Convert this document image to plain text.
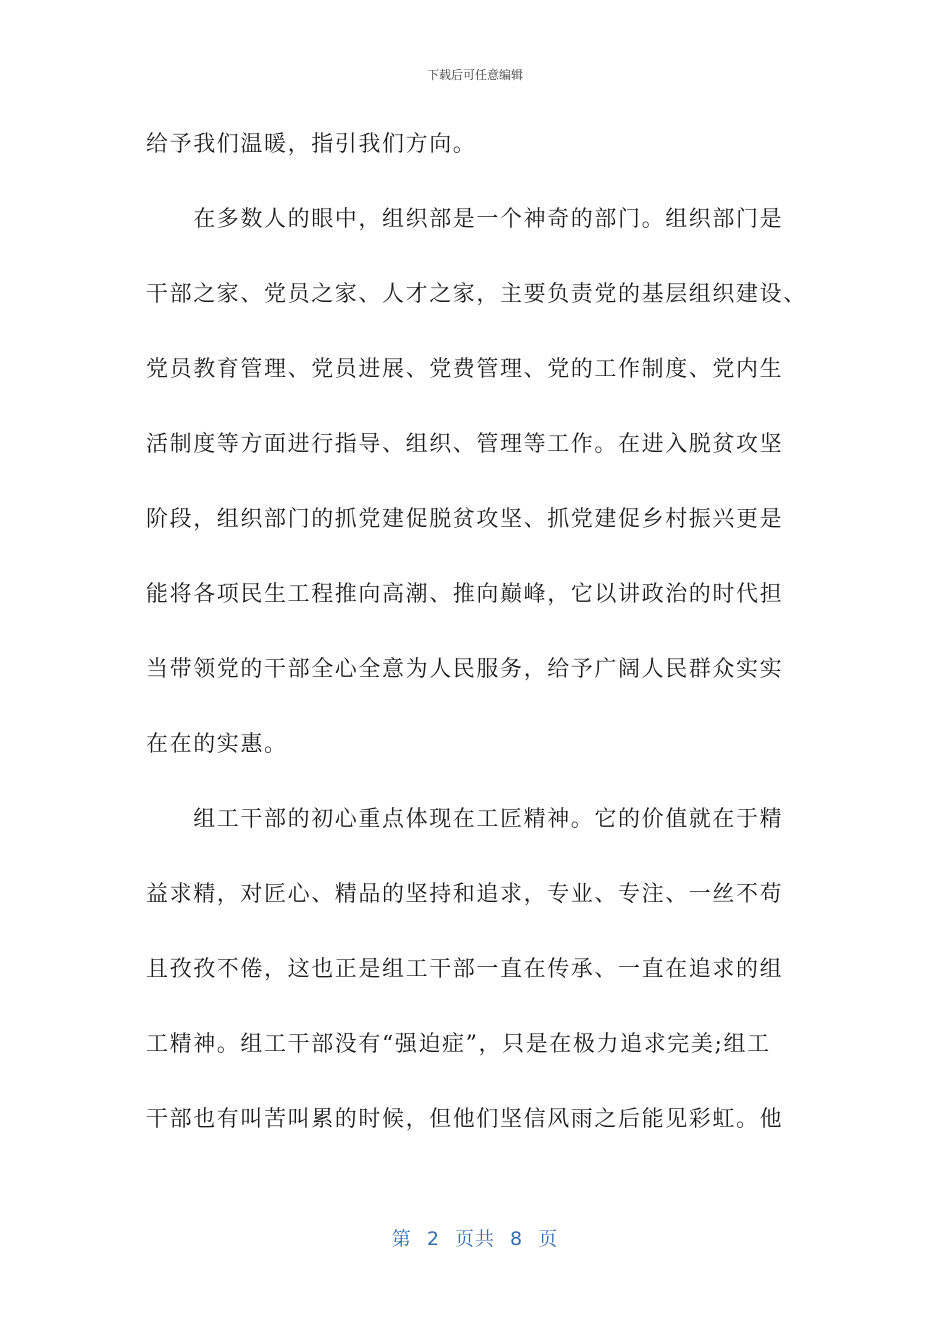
下载后可任意编辑
给予我们温暖，指引我们方向。
　　在多数人的眼中，组织部是一个神奇的部门。组织部门是
干部之家、党员之家、人才之家，主要负责党的基层组织建设、
党员教育管理、党员进展、党费管理、党的工作制度、党内生
活制度等方面进行指导、组织、管理等工作。在进入脱贫攻坚
阶段，组织部门的抓党建促脱贫攻坚、抓党建促乡村振兴更是
能将各项民生工程推向高潮、推向巅峰，它以讲政治的时代担
当带领党的干部全心全意为人民服务，给予广阔人民群众实实
在在的实惠。
　　组工干部的初心重点体现在工匠精神。它的价值就在于精
益求精，对匠心、精品的坚持和追求，专业、专注、一丝不苟
且孜孜不倦，这也正是组工干部一直在传承、一直在追求的组
工精神。组工干部没有“强迫症”，只是在极力追求完美;组工
干部也有叫苦叫累的时候，但他们坚信风雨之后能见彩虹。他
第 2 页共 8 页
